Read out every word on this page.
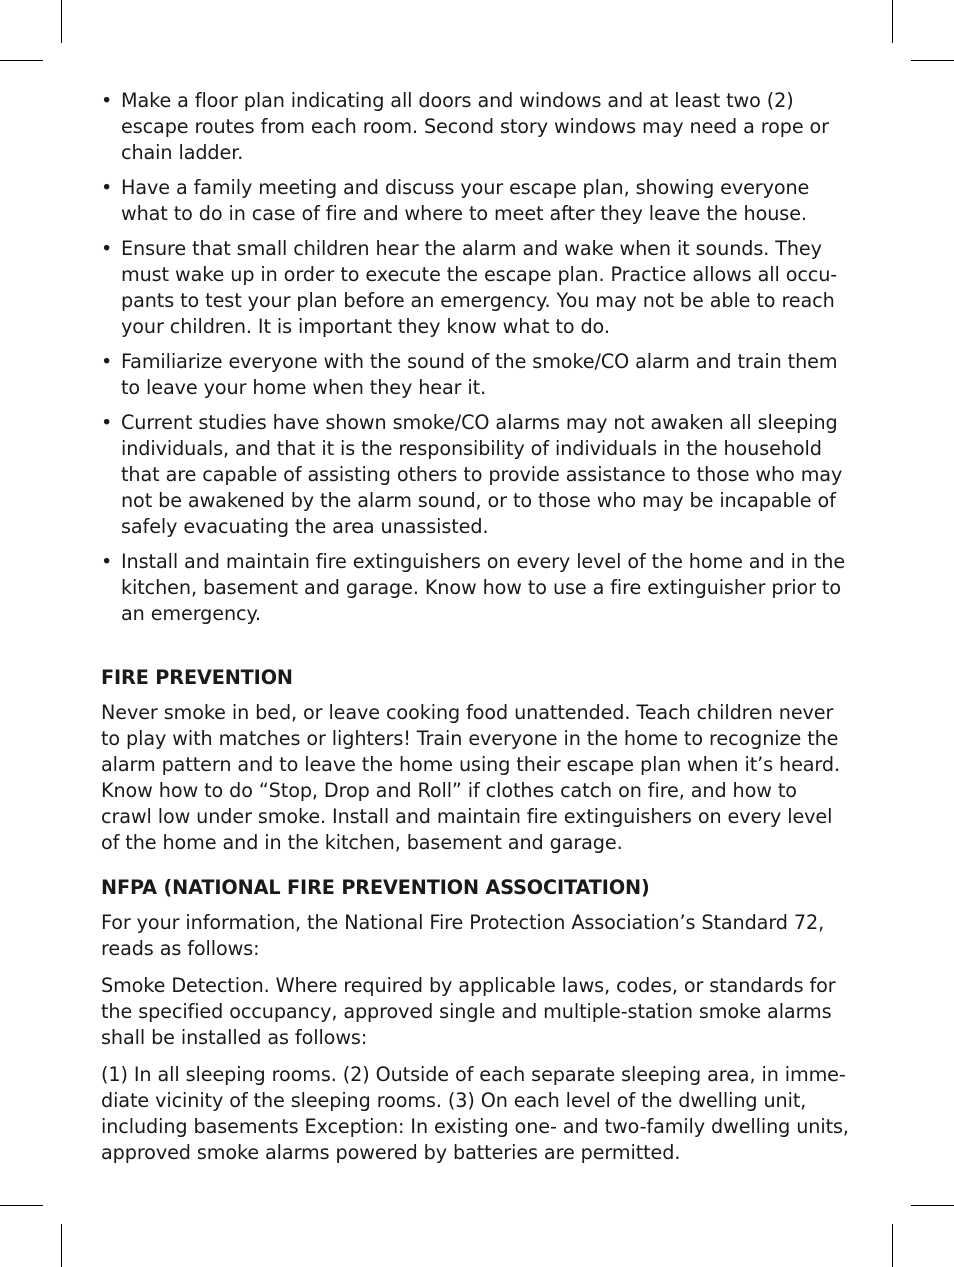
• Make a floor plan indicating all doors and windows and at least two (2) escape routes from each room. Second story windows may need a rope or chain ladder.
• Have a family meeting and discuss your escape plan, showing everyone what to do in case of fire and where to meet after they leave the house.
• Ensure that small children hear the alarm and wake when it sounds. They must wake up in order to execute the escape plan. Practice allows all occu-pants to test your plan before an emergency. You may not be able to reach your children. It is important they know what to do.
• Familiarize everyone with the sound of the smoke/CO alarm and train them to leave your home when they hear it.
• Current studies have shown smoke/CO alarms may not awaken all sleeping individuals, and that it is the responsibility of individuals in the household that are capable of assisting others to provide assistance to those who may not be awakened by the alarm sound, or to those who may be incapable of safely evacuating the area unassisted.
• Install and maintain fire extinguishers on every level of the home and in the kitchen, basement and garage. Know how to use a fire extinguisher prior to an emergency.
FIRE PREVENTION

Never smoke in bed, or leave cooking food unattended. Teach children never to play with matches or lighters! Train everyone in the home to recognize the alarm pattern and to leave the home using their escape plan when it’s heard. Know how to do “Stop, Drop and Roll” if clothes catch on fire, and how to crawl low under smoke. Install and maintain fire extinguishers on every level of the home and in the kitchen, basement and garage.

NFPA (NATIONAL FIRE PREVENTION ASSOCITATION)

For your information, the National Fire Protection Association’s Standard 72, reads as follows:

Smoke Detection. Where required by applicable laws, codes, or standards for the specified occupancy, approved single and multiple-station smoke alarms shall be installed as follows:

(1) In all sleeping rooms. (2) Outside of each separate sleeping area, in imme-diate vicinity of the sleeping rooms. (3) On each level of the dwelling unit, including basements Exception: In existing one- and two-family dwelling units, approved smoke alarms powered by batteries are permitted.
